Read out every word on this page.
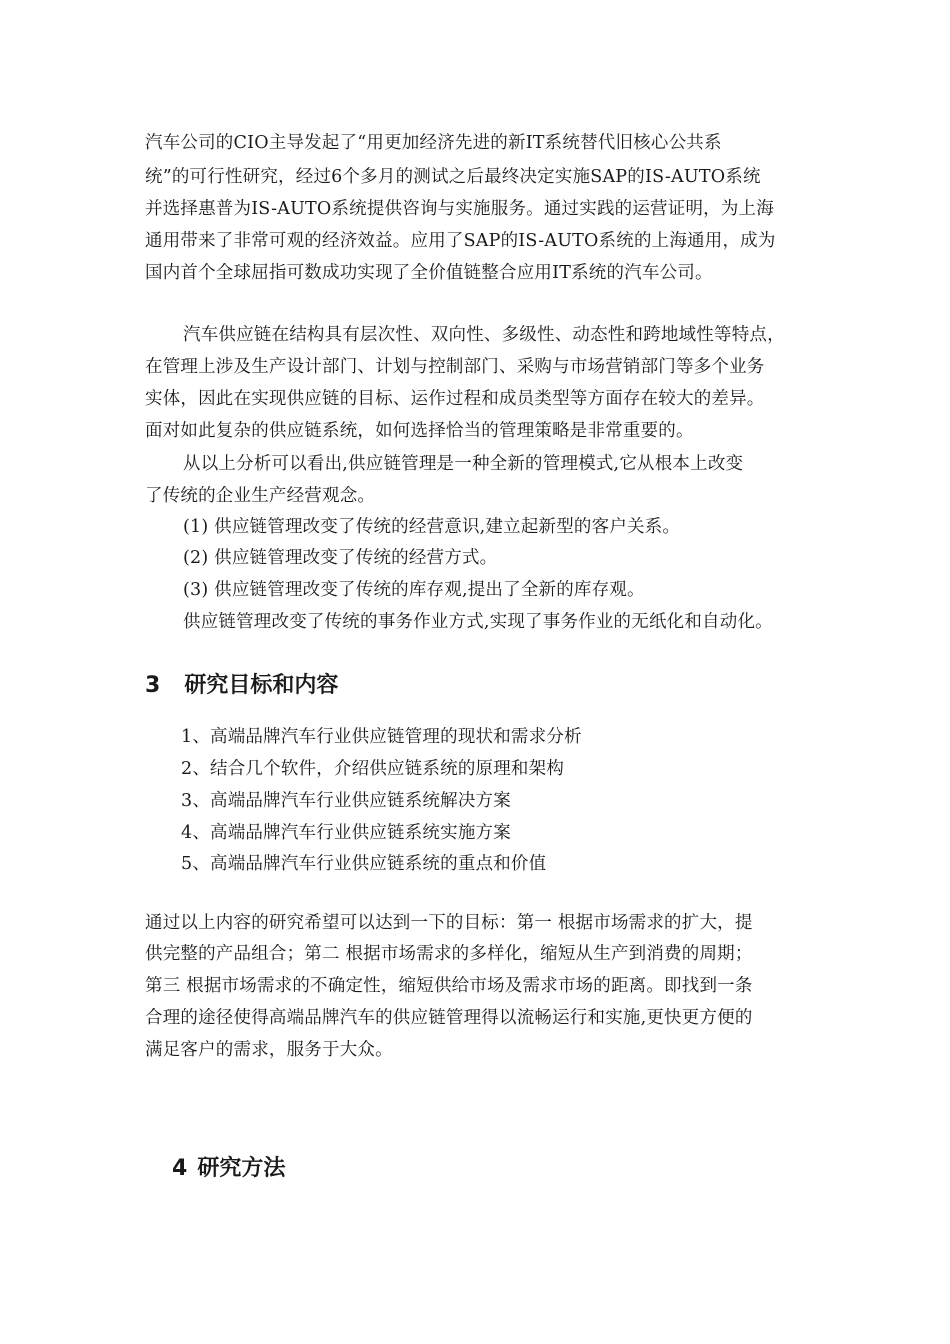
汽车公司的CIO主导发起了“用更加经济先进的新IT系统替代旧核心公共系
统”的可行性研究，经过6个多月的测试之后最终决定实施SAP的IS-AUTO系统
并选择惠普为IS-AUTO系统提供咨询与实施服务。通过实践的运营证明，为上海
通用带来了非常可观的经济效益。应用了SAP的IS-AUTO系统的上海通用，成为
国内首个全球屈指可数成功实现了全价值链整合应用IT系统的汽车公司。
汽车供应链在结构具有层次性、双向性、多级性、动态性和跨地域性等特点，
在管理上涉及生产设计部门、计划与控制部门、采购与市场营销部门等多个业务
实体，因此在实现供应链的目标、运作过程和成员类型等方面存在较大的差异。
面对如此复杂的供应链系统，如何选择恰当的管理策略是非常重要的。
从以上分析可以看出,供应链管理是一种全新的管理模式,它从根本上改变
了传统的企业生产经营观念。
(1) 供应链管理改变了传统的经营意识,建立起新型的客户关系。
(2) 供应链管理改变了传统的经营方式。
(3) 供应链管理改变了传统的库存观,提出了全新的库存观。
供应链管理改变了传统的事务作业方式,实现了事务作业的无纸化和自动化。
3 研究目标和内容
1、高端品牌汽车行业供应链管理的现状和需求分析
2、结合几个软件，介绍供应链系统的原理和架构
3、高端品牌汽车行业供应链系统解决方案
4、高端品牌汽车行业供应链系统实施方案
5、高端品牌汽车行业供应链系统的重点和价值
通过以上内容的研究希望可以达到一下的目标：第一 根据市场需求的扩大，提
供完整的产品组合；第二 根据市场需求的多样化，缩短从生产到消费的周期；
第三 根据市场需求的不确定性，缩短供给市场及需求市场的距离。即找到一条
合理的途径使得高端品牌汽车的供应链管理得以流畅运行和实施,更快更方便的
满足客户的需求，服务于大众。
4 研究方法
